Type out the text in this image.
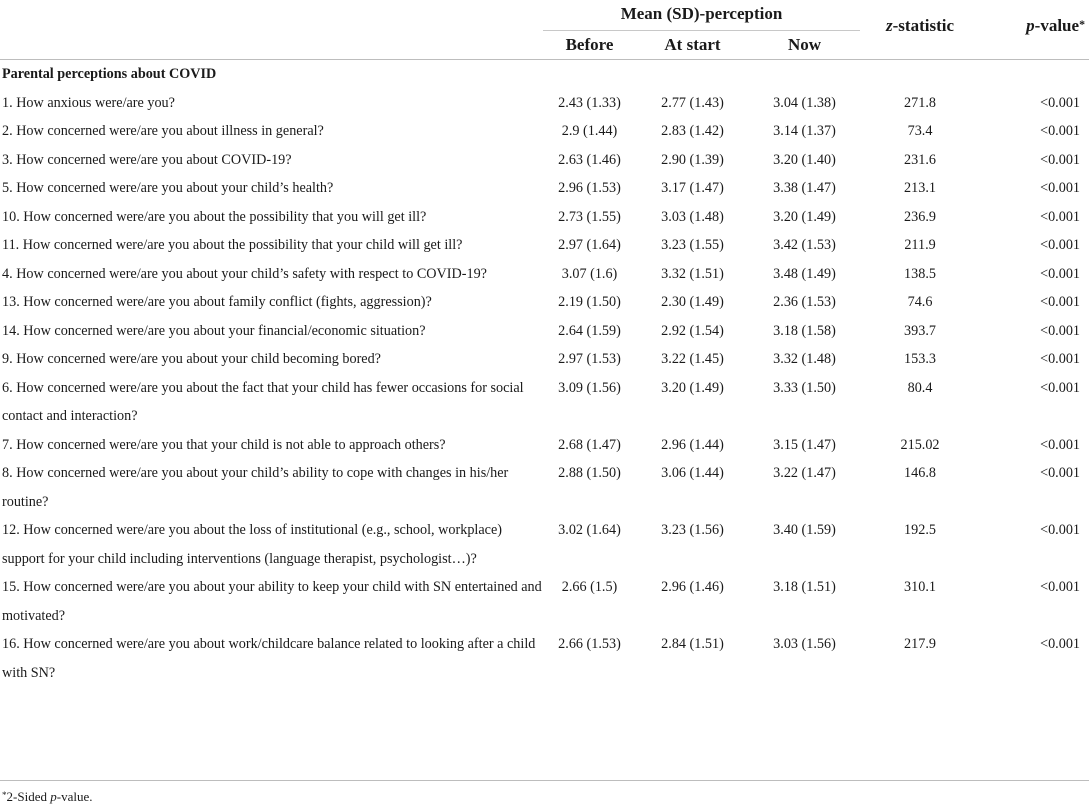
	Mean (SD)-perception				
	Before	At start	Now	z-statistic	p-value*

Parental perceptions about COVID					
1. How anxious were/are you?	2.43 (1.33)	2.77 (1.43)	3.04 (1.38)	271.8	<0.001
2. How concerned were/are you about illness in general?	2.9 (1.44)	2.83 (1.42)	3.14 (1.37)	73.4	<0.001
3. How concerned were/are you about COVID-19?	2.63 (1.46)	2.90 (1.39)	3.20 (1.40)	231.6	<0.001
5. How concerned were/are you about your child’s health?	2.96 (1.53)	3.17 (1.47)	3.38 (1.47)	213.1	<0.001
10. How concerned were/are you about the possibility that you will get ill?	2.73 (1.55)	3.03 (1.48)	3.20 (1.49)	236.9	<0.001
11. How concerned were/are you about the possibility that your child will get ill?	2.97 (1.64)	3.23 (1.55)	3.42 (1.53)	211.9	<0.001
4. How concerned were/are you about your child’s safety with respect to COVID-19?	3.07 (1.6)	3.32 (1.51)	3.48 (1.49)	138.5	<0.001
13. How concerned were/are you about family conflict (fights, aggression)?	2.19 (1.50)	2.30 (1.49)	2.36 (1.53)	74.6	<0.001
14. How concerned were/are you about your financial/economic situation?	2.64 (1.59)	2.92 (1.54)	3.18 (1.58)	393.7	<0.001
9. How concerned were/are you about your child becoming bored?	2.97 (1.53)	3.22 (1.45)	3.32 (1.48)	153.3	<0.001
6. How concerned were/are you about the fact that your child has fewer occasions for social contact and interaction?	3.09 (1.56)	3.20 (1.49)	3.33 (1.50)	80.4	<0.001
7. How concerned were/are you that your child is not able to approach others?	2.68 (1.47)	2.96 (1.44)	3.15 (1.47)	215.02	<0.001
8. How concerned were/are you about your child’s ability to cope with changes in his/her routine?	2.88 (1.50)	3.06 (1.44)	3.22 (1.47)	146.8	<0.001
12. How concerned were/are you about the loss of institutional (e.g., school, workplace) support for your child including interventions (language therapist, psychologist…)?	3.02 (1.64)	3.23 (1.56)	3.40 (1.59)	192.5	<0.001
15. How concerned were/are you about your ability to keep your child with SN entertained and motivated?	2.66 (1.5)	2.96 (1.46)	3.18 (1.51)	310.1	<0.001
16. How concerned were/are you about work/childcare balance related to looking after a child with SN?	2.66 (1.53)	2.84 (1.51)	3.03 (1.56)	217.9	<0.001
*2-Sided p-value.
